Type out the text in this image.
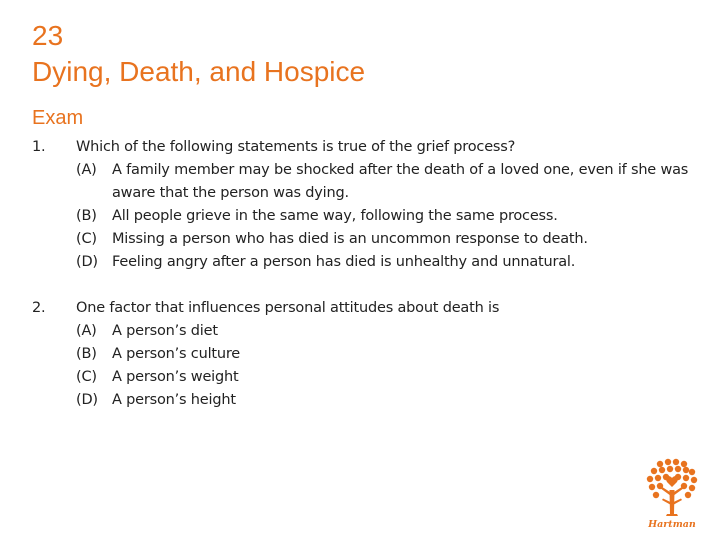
23
Dying, Death, and Hospice
Exam
1.	Which of the following statements is true of the grief process?
(A)	A family member may be shocked after the death of a loved one, even if she was aware that the person was dying.
(B)	All people grieve in the same way, following the same process.
(C)	Missing a person who has died is an uncommon response to death.
(D) Feeling angry after a person has died is unhealthy and unnatural.
2.	One factor that influences personal attitudes about death is
(A)	A person’s diet
(B)	A person’s culture
(C)	A person’s weight
(D) A person’s height
Hartman
